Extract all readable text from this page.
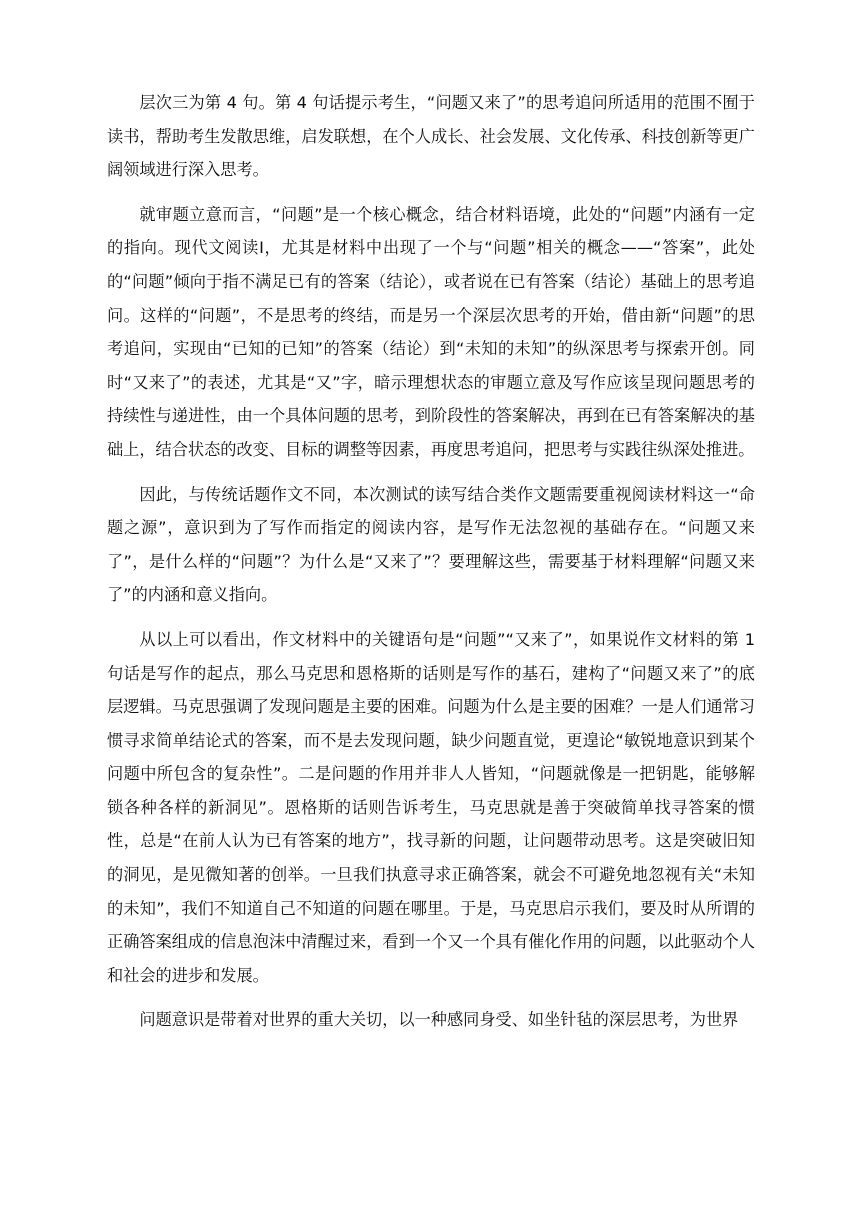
层次三为第 4 句。第 4 句话提示考生，“问题又来了”的思考追问所适用的范围不囿于读书，帮助考生发散思维，启发联想，在个人成长、社会发展、文化传承、科技创新等更广阔领域进行深入思考。

就审题立意而言，“问题”是一个核心概念，结合材料语境，此处的“问题”内涵有一定的指向。现代文阅读Ⅰ，尤其是材料中出现了一个与“问题”相关的概念——“答案”，此处的“问题”倾向于指不满足已有的答案（结论），或者说在已有答案（结论）基础上的思考追问。这样的“问题”，不是思考的终结，而是另一个深层次思考的开始，借由新“问题”的思考追问，实现由“已知的已知”的答案（结论）到“未知的未知”的纵深思考与探索开创。同时“又来了”的表述，尤其是“又”字，暗示理想状态的审题立意及写作应该呈现问题思考的持续性与递进性，由一个具体问题的思考，到阶段性的答案解决，再到在已有答案解决的基础上，结合状态的改变、目标的调整等因素，再度思考追问，把思考与实践往纵深处推进。

因此，与传统话题作文不同，本次测试的读写结合类作文题需要重视阅读材料这一“命题之源”，意识到为了写作而指定的阅读内容，是写作无法忽视的基础存在。“问题又来了”，是什么样的“问题”？为什么是“又来了”？要理解这些，需要基于材料理解“问题又来了”的内涵和意义指向。

从以上可以看出，作文材料中的关键语句是“问题”“又来了”，如果说作文材料的第 1 句话是写作的起点，那么马克思和恩格斯的话则是写作的基石，建构了“问题又来了”的底层逻辑。马克思强调了发现问题是主要的困难。问题为什么是主要的困难？一是人们通常习惯寻求简单结论式的答案，而不是去发现问题，缺少问题直觉，更遑论“敏锐地意识到某个问题中所包含的复杂性”。二是问题的作用并非人人皆知，“问题就像是一把钥匙，能够解锁各种各样的新洞见”。恩格斯的话则告诉考生，马克思就是善于突破简单找寻答案的惯性，总是“在前人认为已有答案的地方”，找寻新的问题，让问题带动思考。这是突破旧知的洞见，是见微知著的创举。一旦我们执意寻求正确答案，就会不可避免地忽视有关“未知的未知”，我们不知道自己不知道的问题在哪里。于是，马克思启示我们，要及时从所谓的正确答案组成的信息泡沫中清醒过来，看到一个又一个具有催化作用的问题，以此驱动个人和社会的进步和发展。

问题意识是带着对世界的重大关切，以一种感同身受、如坐针毡的深层思考，为世界
